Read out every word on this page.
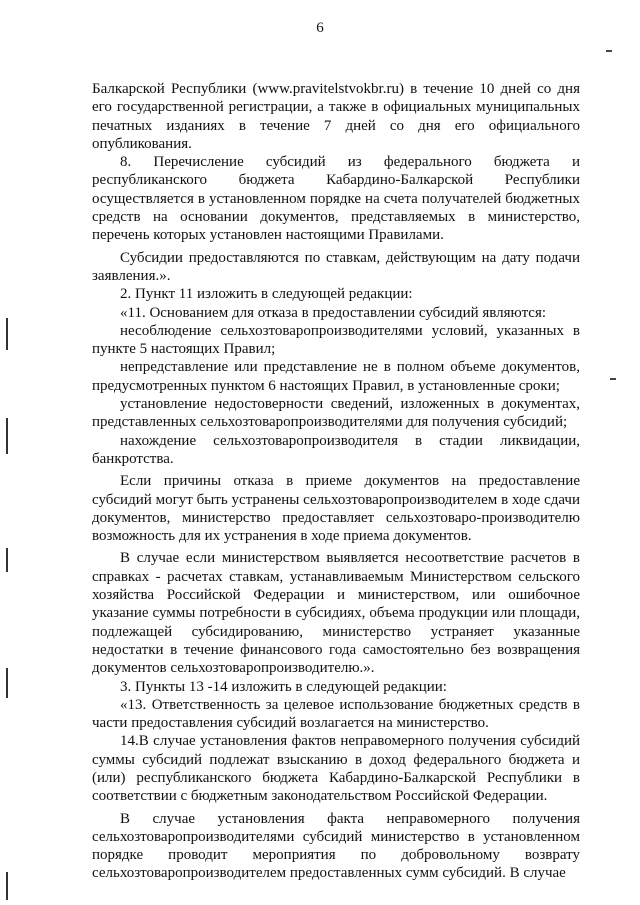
6

Балкарской Республики (www.pravitelstvokbr.ru) в течение 10 дней со дня его государственной регистрации, а также в официальных муниципальных печатных изданиях в течение 7 дней со дня его официального опубликования.

8. Перечисление субсидий из федерального бюджета и республиканского бюджета Кабардино-Балкарской Республики осуществляется в установленном порядке на счета получателей бюджетных средств на основании документов, представляемых в министерство, перечень которых установлен настоящими Правилами.

Субсидии предоставляются по ставкам, действующим на дату подачи заявления.».

2. Пункт 11 изложить в следующей редакции:

«11. Основанием для отказа в предоставлении субсидий являются:

несоблюдение сельхозтоваропроизводителями условий, указанных в пункте 5 настоящих Правил;

непредставление или представление не в полном объеме документов, предусмотренных пунктом 6 настоящих Правил, в установленные сроки;

установление недостоверности сведений, изложенных в документах, представленных сельхозтоваропроизводителями для получения субсидий;

нахождение сельхозтоваропроизводителя в стадии ликвидации, банкротства.

Если причины отказа в приеме документов на предоставление субсидий могут быть устранены сельхозтоваропроизводителем в ходе сдачи документов, министерство предоставляет сельхозтоваро-производителю возможность для их устранения в ходе приема документов.

В случае если министерством выявляется несоответствие расчетов в справках - расчетах ставкам, устанавливаемым Министерством сельского хозяйства Российской Федерации и министерством, или ошибочное указание суммы потребности в субсидиях, объема продукции или площади, подлежащей субсидированию, министерство устраняет указанные недостатки в течение финансового года самостоятельно без возвращения документов сельхозтоваропроизводителю.».

3. Пункты 13 -14 изложить в следующей редакции:

«13. Ответственность за целевое использование бюджетных средств в части предоставления субсидий возлагается на министерство.

14.В случае установления фактов неправомерного получения субсидий суммы субсидий подлежат взысканию в доход федерального бюджета и (или) республиканского бюджета Кабардино-Балкарской Республики в соответствии с бюджетным законодательством Российской Федерации.

В случае установления факта неправомерного получения сельхозтоваропроизводителями субсидий министерство в установленном порядке проводит мероприятия по добровольному возврату сельхозтоваропроизводителем предоставленных сумм субсидий. В случае
